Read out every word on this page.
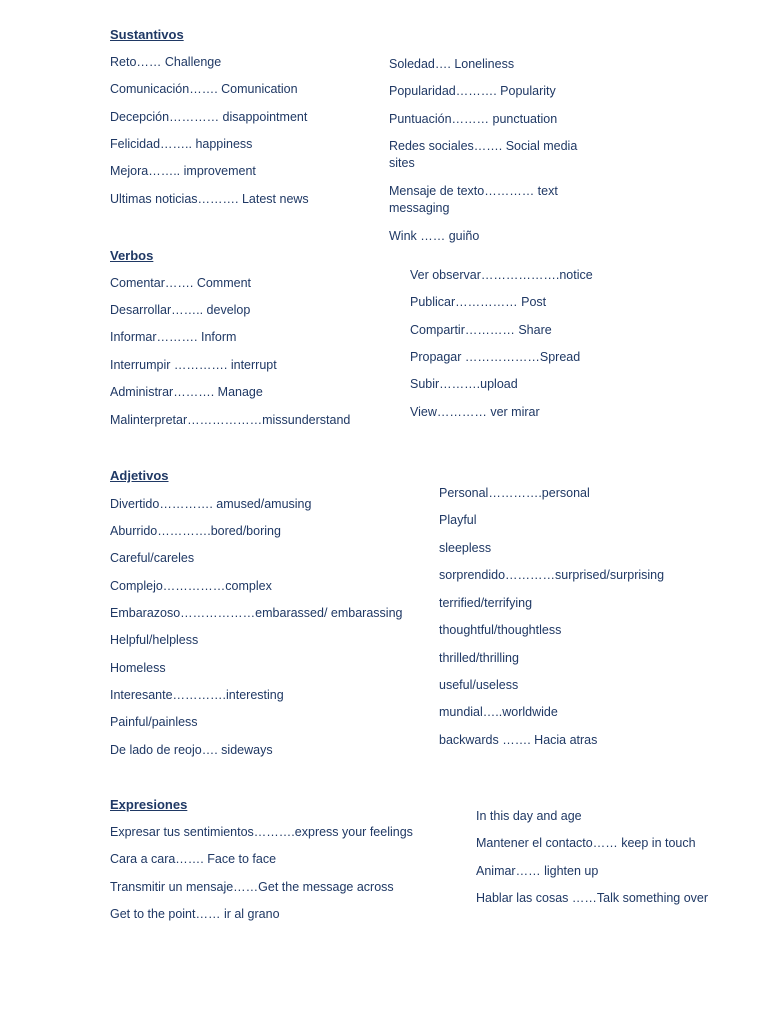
Sustantivos
Reto…… Challenge
Comunicación……. Comunication
Decepción………… disappointment
Felicidad…….. happiness
Mejora…….. improvement
Ultimas noticias………. Latest news
Soledad…. Loneliness
Popularidad………. Popularity
Puntuación……… punctuation
Redes sociales……. Social media sites
Mensaje de texto………… text messaging
Wink …… guiño
Verbos
Comentar……. Comment
Desarrollar…….. develop
Informar………. Inform
Interrumpir …………. interrupt
Administrar………. Manage
Malinterpretar………………missunderstand
Ver observar……………….notice
Publicar…………… Post
Compartir………… Share
Propagar ………………Spread
Subir……….upload
View………… ver mirar
Adjetivos
Divertido…………. amused/amusing
Aburrido………….bored/boring
Careful/careles
Complejo……………complex
Embarazoso………………embarassed/ embarassing
Helpful/helpless
Homeless
Interesante………….interesting
Painful/painless
De lado de reojo…. sideways
Personal………….personal
Playful
sleepless
sorprendido…………surprised/surprising
terrified/terrifying
thoughtful/thoughtless
thrilled/thrilling
useful/useless
mundial…..worldwide
backwards ……. Hacia atras
Expresiones
Expresar tus sentimientos……….express your feelings
Cara a cara……. Face to face
Transmitir un mensaje……Get the message across
Get to the point…… ir al grano
In this day and age
Mantener el contacto…… keep in touch
Animar…… lighten up
Hablar las cosas ……Talk something over
